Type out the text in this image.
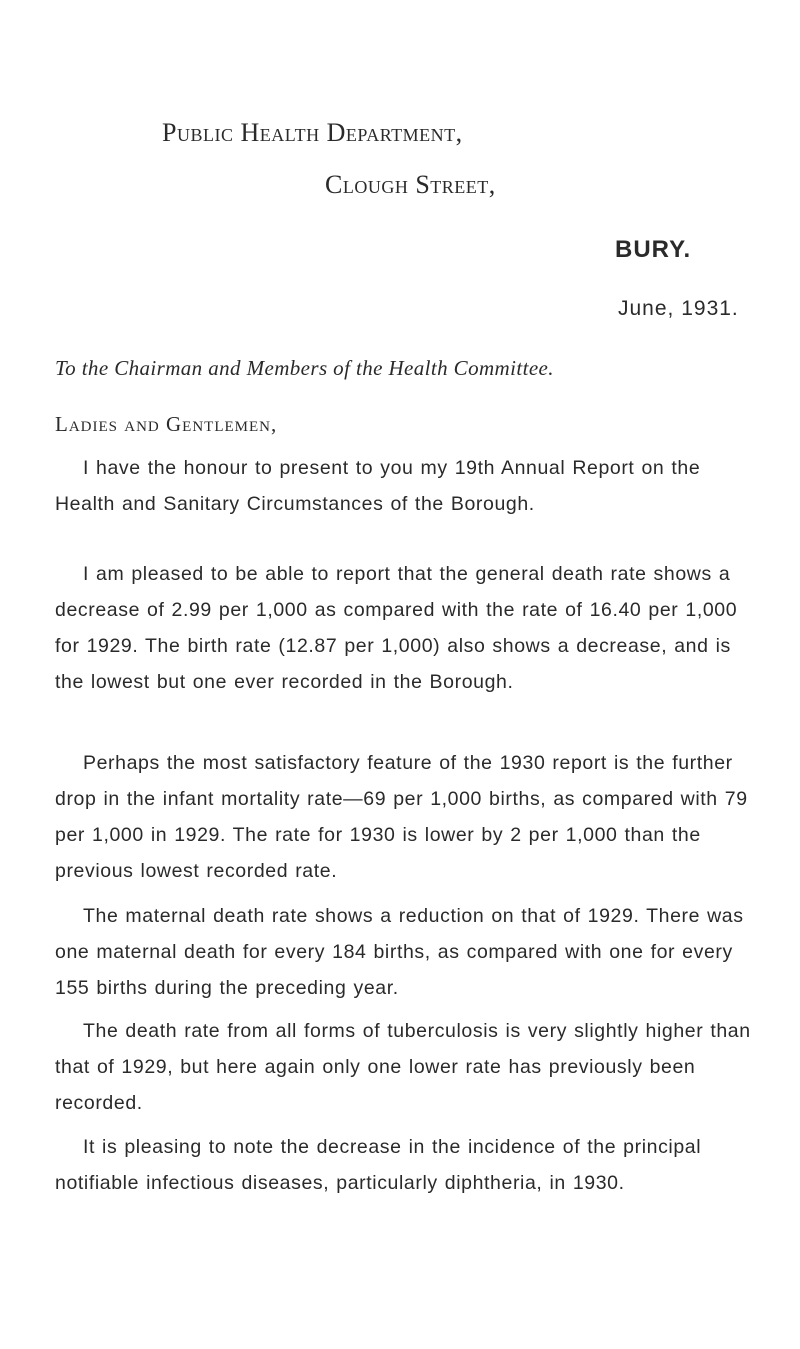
Public Health Department,
Clough Street,
BURY.
June, 1931.
To the Chairman and Members of the Health Committee.
Ladies and Gentlemen,

I have the honour to present to you my 19th Annual Report on the Health and Sanitary Circumstances of the Borough.

I am pleased to be able to report that the general death rate shows a decrease of 2.99 per 1,000 as compared with the rate of 16.40 per 1,000 for 1929. The birth rate (12.87 per 1,000) also shows a decrease, and is the lowest but one ever recorded in the Borough.

Perhaps the most satisfactory feature of the 1930 report is the further drop in the infant mortality rate—69 per 1,000 births, as compared with 79 per 1,000 in 1929. The rate for 1930 is lower by 2 per 1,000 than the previous lowest recorded rate.

The maternal death rate shows a reduction on that of 1929. There was one maternal death for every 184 births, as compared with one for every 155 births during the preceding year.

The death rate from all forms of tuberculosis is very slightly higher than that of 1929, but here again only one lower rate has previously been recorded.

It is pleasing to note the decrease in the incidence of the principal notifiable infectious diseases, particularly diphtheria, in 1930.
